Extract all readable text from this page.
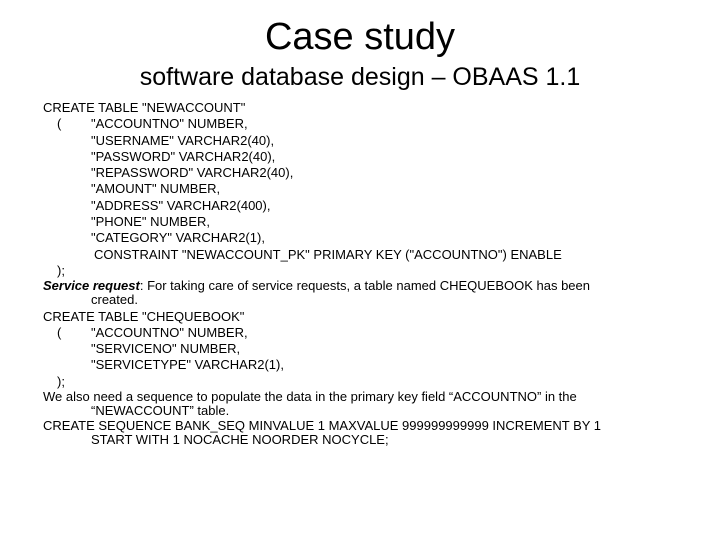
Case study
software database design – OBAAS 1.1
CREATE TABLE "NEWACCOUNT"
( "ACCOUNTNO" NUMBER,
"USERNAME" VARCHAR2(40),
"PASSWORD" VARCHAR2(40),
"REPASSWORD" VARCHAR2(40),
"AMOUNT" NUMBER,
"ADDRESS" VARCHAR2(400),
"PHONE" NUMBER,
"CATEGORY" VARCHAR2(1),
CONSTRAINT "NEWACCOUNT_PK" PRIMARY KEY ("ACCOUNTNO") ENABLE
);
Service request: For taking care of service requests, a table named CHEQUEBOOK has been
created.
CREATE TABLE "CHEQUEBOOK"
( "ACCOUNTNO" NUMBER,
"SERVICENO" NUMBER,
"SERVICETYPE" VARCHAR2(1),
);
We also need a sequence to populate the data in the primary key field “ACCOUNTNO” in the
“NEWACCOUNT” table.
CREATE SEQUENCE BANK_SEQ MINVALUE 1 MAXVALUE 999999999999 INCREMENT BY 1
START WITH 1 NOCACHE NOORDER NOCYCLE;
